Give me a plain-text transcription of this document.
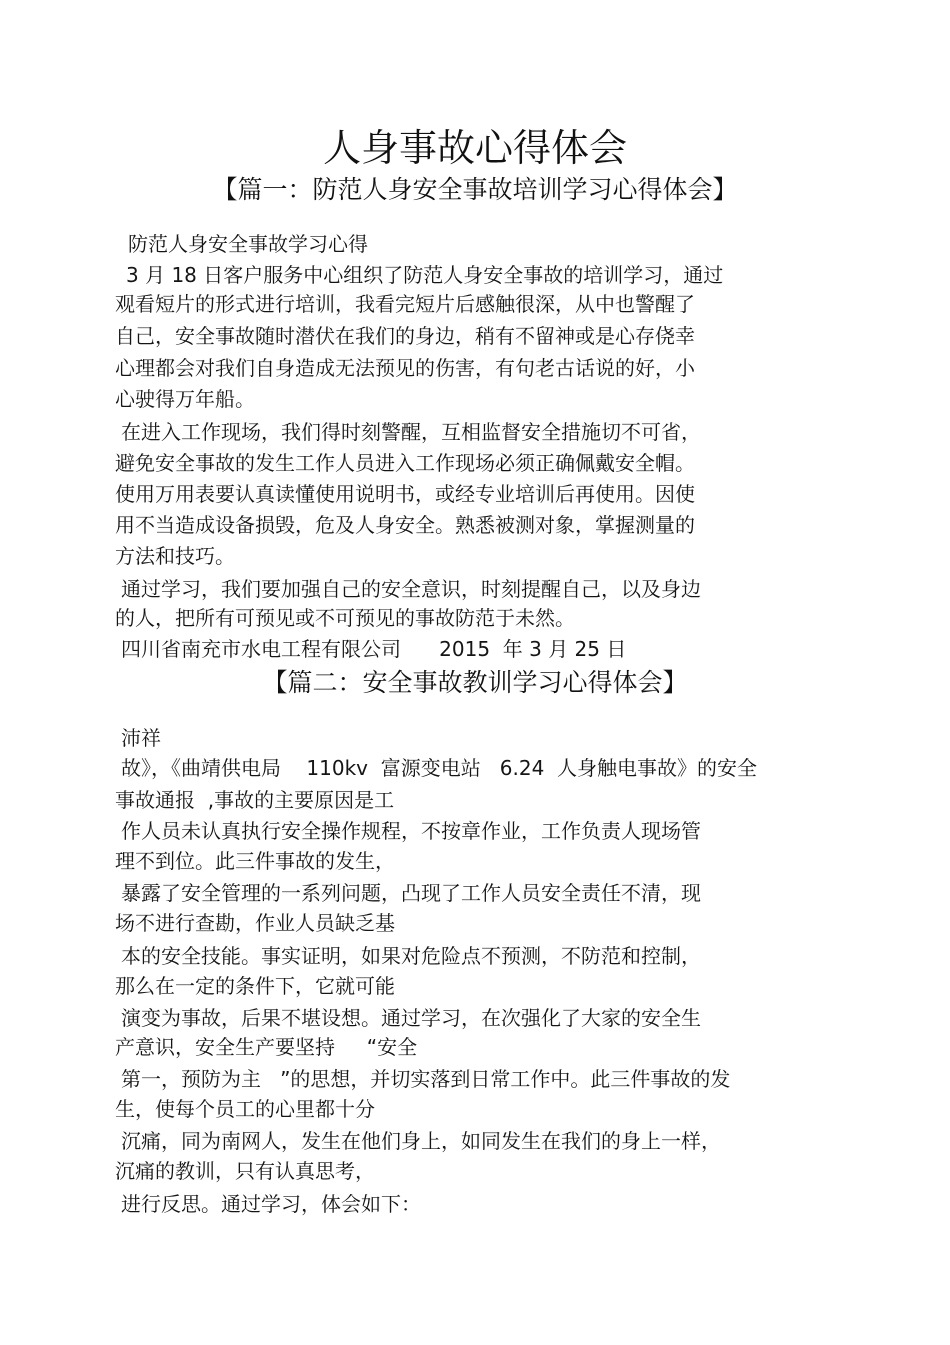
人身事故心得体会
【篇一：防范人身安全事故培训学习心得体会】
防范人身安全事故学习心得
3 月 18 日客户服务中心组织了防范人身安全事故的培训学习，通过
观看短片的形式进行培训，我看完短片后感触很深，从中也警醒了
自己，安全事故随时潜伏在我们的身边，稍有不留神或是心存侥幸
心理都会对我们自身造成无法预见的伤害，有句老古话说的好，小
心驶得万年船。
在进入工作现场，我们得时刻警醒，互相监督安全措施切不可省，
避免安全事故的发生工作人员进入工作现场必须正确佩戴安全帽。
使用万用表要认真读懂使用说明书，或经专业培训后再使用。因使
用不当造成设备损毁，危及人身安全。熟悉被测对象，掌握测量的
方法和技巧。
通过学习，我们要加强自己的安全意识，时刻提醒自己，以及身边
的人，把所有可预见或不可预见的事故防范于未然。
四川省南充市水电工程有限公司      2015  年 3 月 25 日
【篇二：安全事故教训学习心得体会】
沛祥
故》，《曲靖供电局    110kv  富源变电站   6.24  人身触电事故》的安全
事故通报  ,事故的主要原因是工
作人员未认真执行安全操作规程，不按章作业，工作负责人现场管
理不到位。此三件事故的发生，
暴露了安全管理的一系列问题，凸现了工作人员安全责任不清，现
场不进行查勘，作业人员缺乏基
本的安全技能。事实证明，如果对危险点不预测，不防范和控制，
那么在一定的条件下，它就可能
演变为事故，后果不堪设想。通过学习，在次强化了大家的安全生
产意识，安全生产要坚持     “安全
第一，预防为主   ”的思想，并切实落到日常工作中。此三件事故的发
生，使每个员工的心里都十分
沉痛，同为南网人，发生在他们身上，如同发生在我们的身上一样，
沉痛的教训，只有认真思考，
进行反思。通过学习，体会如下：
